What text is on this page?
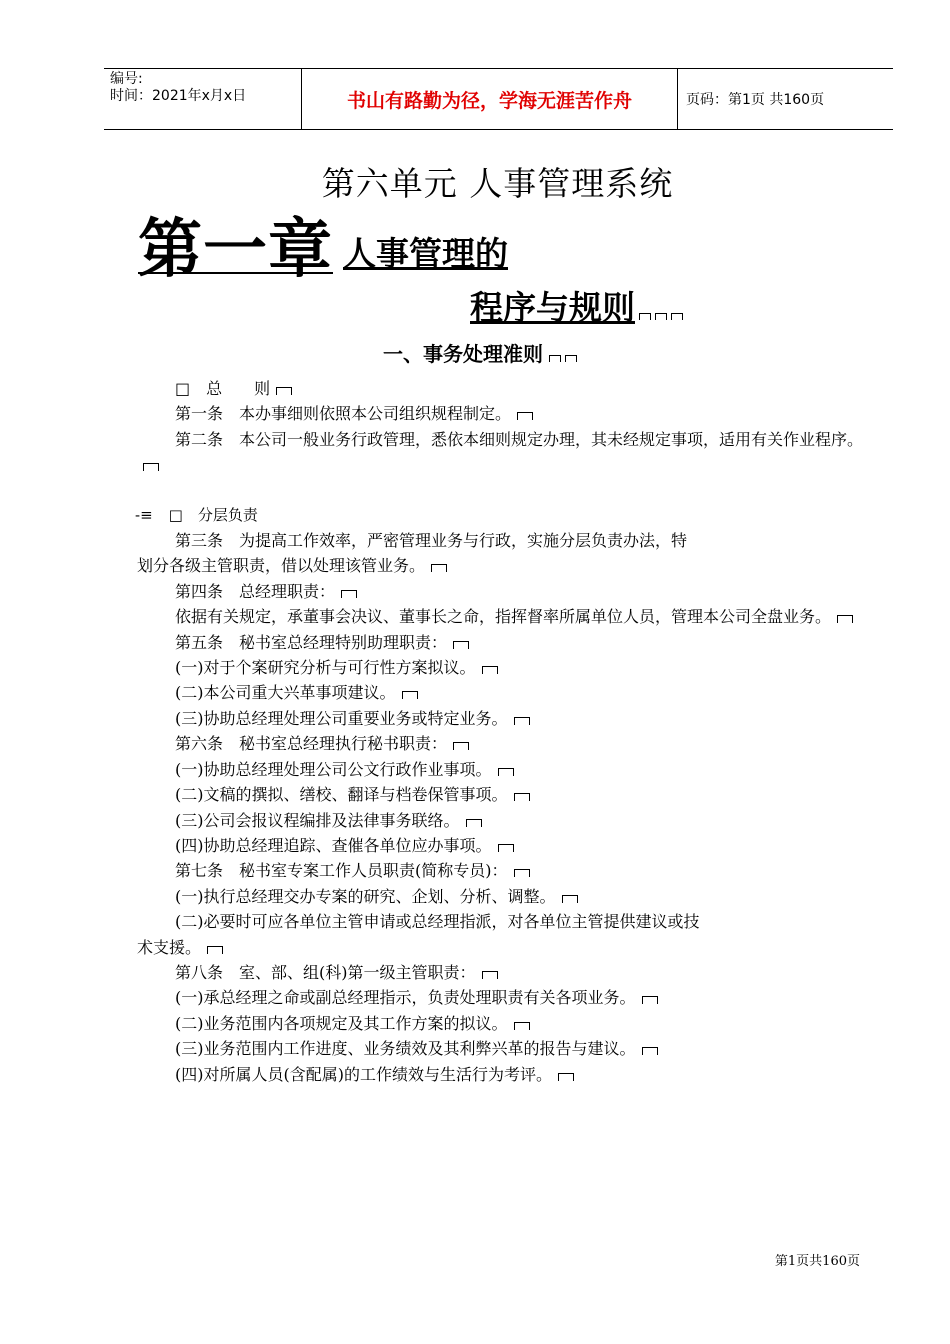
编号:
时间：2021年x月x日	书山有路勤为径，学海无涯苦作舟	页码：第1页 共160页
第六单元 人事管理系统
第一章 人事管理的
程序与规则
一、事务处理准则

□　总　　则

第一条　本办事细则依照本公司组织规程制定。

第二条　本公司一般业务行政管理，悉依本细则规定办理，其未经规定事项，适用有关作业程序。

-≡ □　分层负责

第三条　为提高工作效率，严密管理业务与行政，实施分层负责办法，特

划分各级主管职责，借以处理该管业务。

第四条　总经理职责：

依据有关规定，承董事会决议、董事长之命，指挥督率所属单位人员，管理本公司全盘业务。

第五条　秘书室总经理特别助理职责：

(一)对于个案研究分析与可行性方案拟议。

(二)本公司重大兴革事项建议。

(三)协助总经理处理公司重要业务或特定业务。

第六条　秘书室总经理执行秘书职责：

(一)协助总经理处理公司公文行政作业事项。

(二)文稿的撰拟、缮校、翻译与档卷保管事项。

(三)公司会报议程编排及法律事务联络。

(四)协助总经理追踪、查催各单位应办事项。

第七条　秘书室专案工作人员职责(简称专员)：

(一)执行总经理交办专案的研究、企划、分析、调整。

(二)必要时可应各单位主管申请或总经理指派，对各单位主管提供建议或技

术支援。

第八条　室、部、组(科)第一级主管职责：

(一)承总经理之命或副总经理指示，负责处理职责有关各项业务。

(二)业务范围内各项规定及其工作方案的拟议。

(三)业务范围内工作进度、业务绩效及其利弊兴革的报告与建议。

(四)对所属人员(含配属)的工作绩效与生活行为考评。

第1页共160页
